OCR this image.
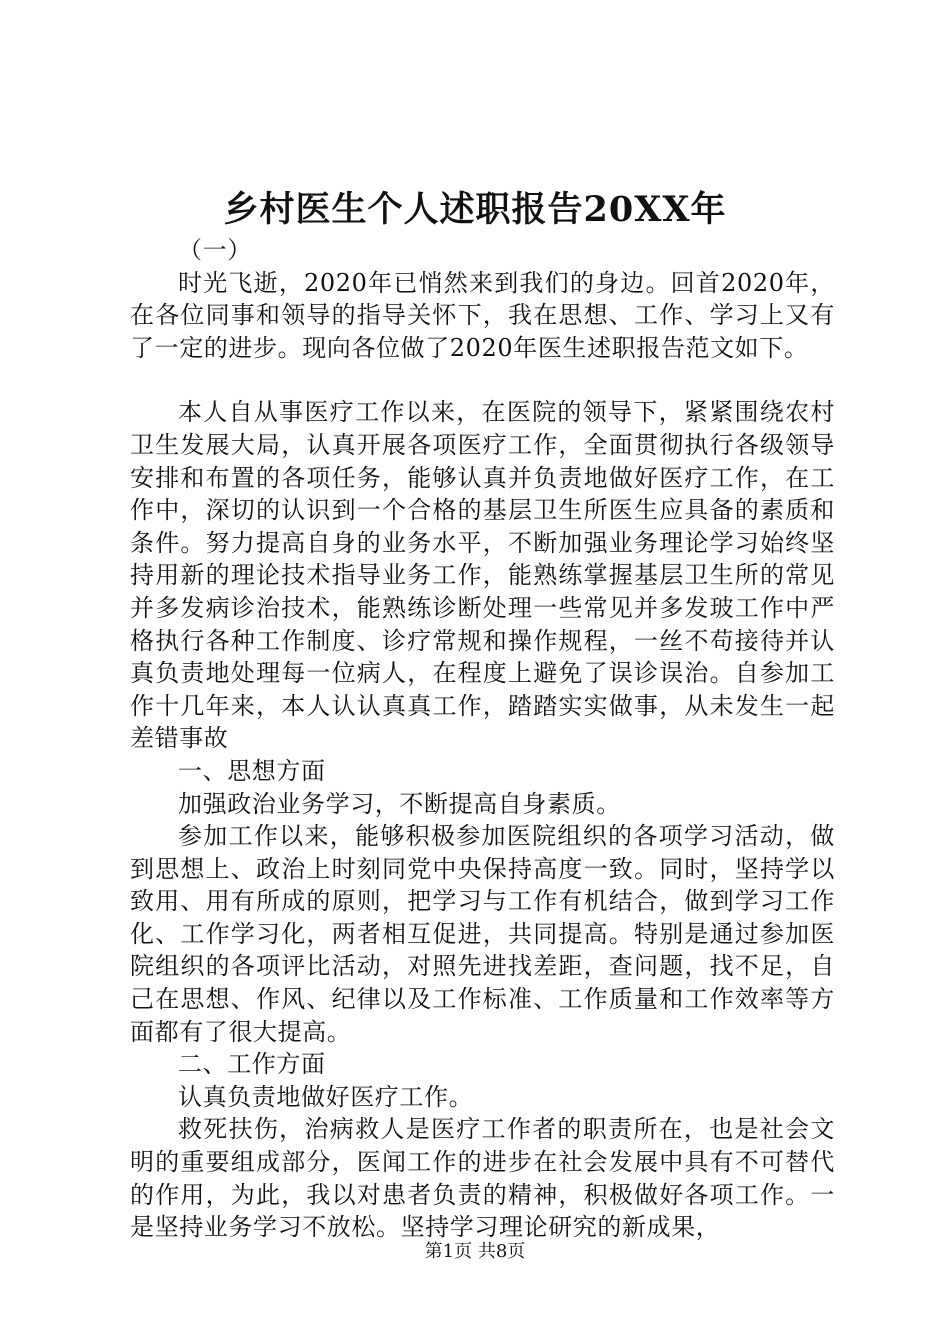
乡村医生个人述职报告20XX年

（一）

时光飞逝，2020年已悄然来到我们的身边。回首2020年，在各位同事和领导的指导关怀下，我在思想、工作、学习上又有了一定的进步。现向各位做了2020年医生述职报告范文如下。

本人自从事医疗工作以来，在医院的领导下，紧紧围绕农村卫生发展大局，认真开展各项医疗工作，全面贯彻执行各级领导安排和布置的各项任务，能够认真并负责地做好医疗工作，在工作中，深切的认识到一个合格的基层卫生所医生应具备的素质和条件。努力提高自身的业务水平，不断加强业务理论学习始终坚持用新的理论技术指导业务工作，能熟练掌握基层卫生所的常见并多发病诊治技术，能熟练诊断处理一些常见并多发玻工作中严格执行各种工作制度、诊疗常规和操作规程，一丝不苟接待并认真负责地处理每一位病人，在程度上避免了误诊误治。自参加工作十几年来，本人认认真真工作，踏踏实实做事，从未发生一起差错事故

一、思想方面

加强政治业务学习，不断提高自身素质。

参加工作以来，能够积极参加医院组织的各项学习活动，做到思想上、政治上时刻同党中央保持高度一致。同时，坚持学以致用、用有所成的原则，把学习与工作有机结合，做到学习工作化、工作学习化，两者相互促进，共同提高。特别是通过参加医院组织的各项评比活动，对照先进找差距，查问题，找不足，自己在思想、作风、纪律以及工作标准、工作质量和工作效率等方面都有了很大提高。

二、工作方面

认真负责地做好医疗工作。

救死扶伤，治病救人是医疗工作者的职责所在，也是社会文明的重要组成部分，医闻工作的进步在社会发展中具有不可替代的作用，为此，我以对患者负责的精神，积极做好各项工作。一是坚持业务学习不放松。坚持学习理论研究的新成果，

第1页 共8页
